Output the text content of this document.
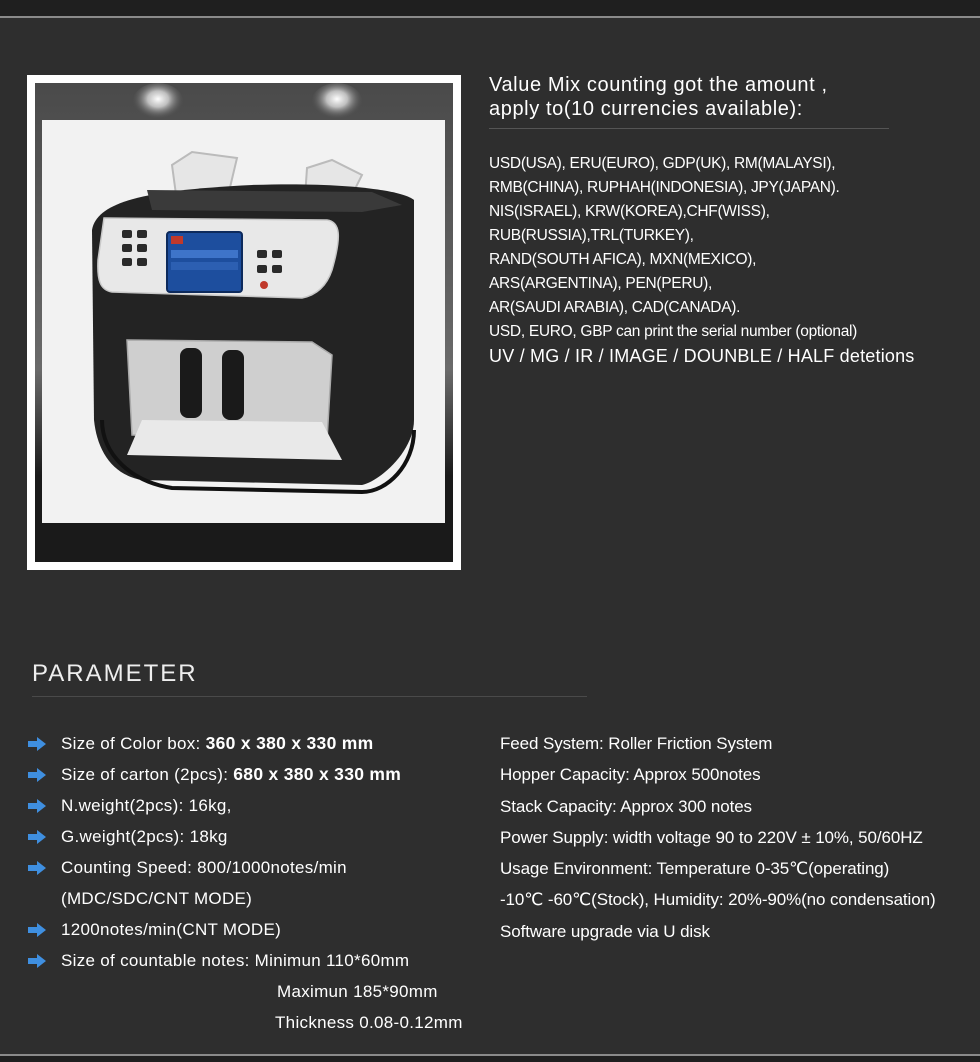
Value Mix counting got the amount ,
apply to(10 currencies available):
USD(USA), ERU(EURO), GDP(UK), RM(MALAYSI),
RMB(CHINA), RUPHAH(INDONESIA), JPY(JAPAN).
NIS(ISRAEL), KRW(KOREA),CHF(WISS),
RUB(RUSSIA),TRL(TURKEY),
RAND(SOUTH AFICA), MXN(MEXICO),
ARS(ARGENTINA), PEN(PERU),
AR(SAUDI ARABIA), CAD(CANADA).
USD, EURO, GBP can print the serial number (optional)
UV / MG / IR / IMAGE / DOUNBLE / HALF detetions
PARAMETER
Size of Color box: 360 x 380 x 330 mm
Size of carton (2pcs): 680 x 380 x 330 mm
N.weight(2pcs): 16kg,
G.weight(2pcs): 18kg
Counting Speed: 800/1000notes/min
(MDC/SDC/CNT MODE)
1200notes/min(CNT MODE)
Size of countable notes: Minimun 110*60mm
Maximun 185*90mm
Thickness 0.08-0.12mm
Feed System: Roller Friction System
Hopper Capacity: Approx 500notes
Stack Capacity: Approx 300 notes
Power Supply: width voltage 90 to 220V ± 10%, 50/60HZ
Usage Environment: Temperature 0-35℃(operating)
-10℃ -60℃(Stock), Humidity: 20%-90%(no condensation)
Software upgrade via U disk
